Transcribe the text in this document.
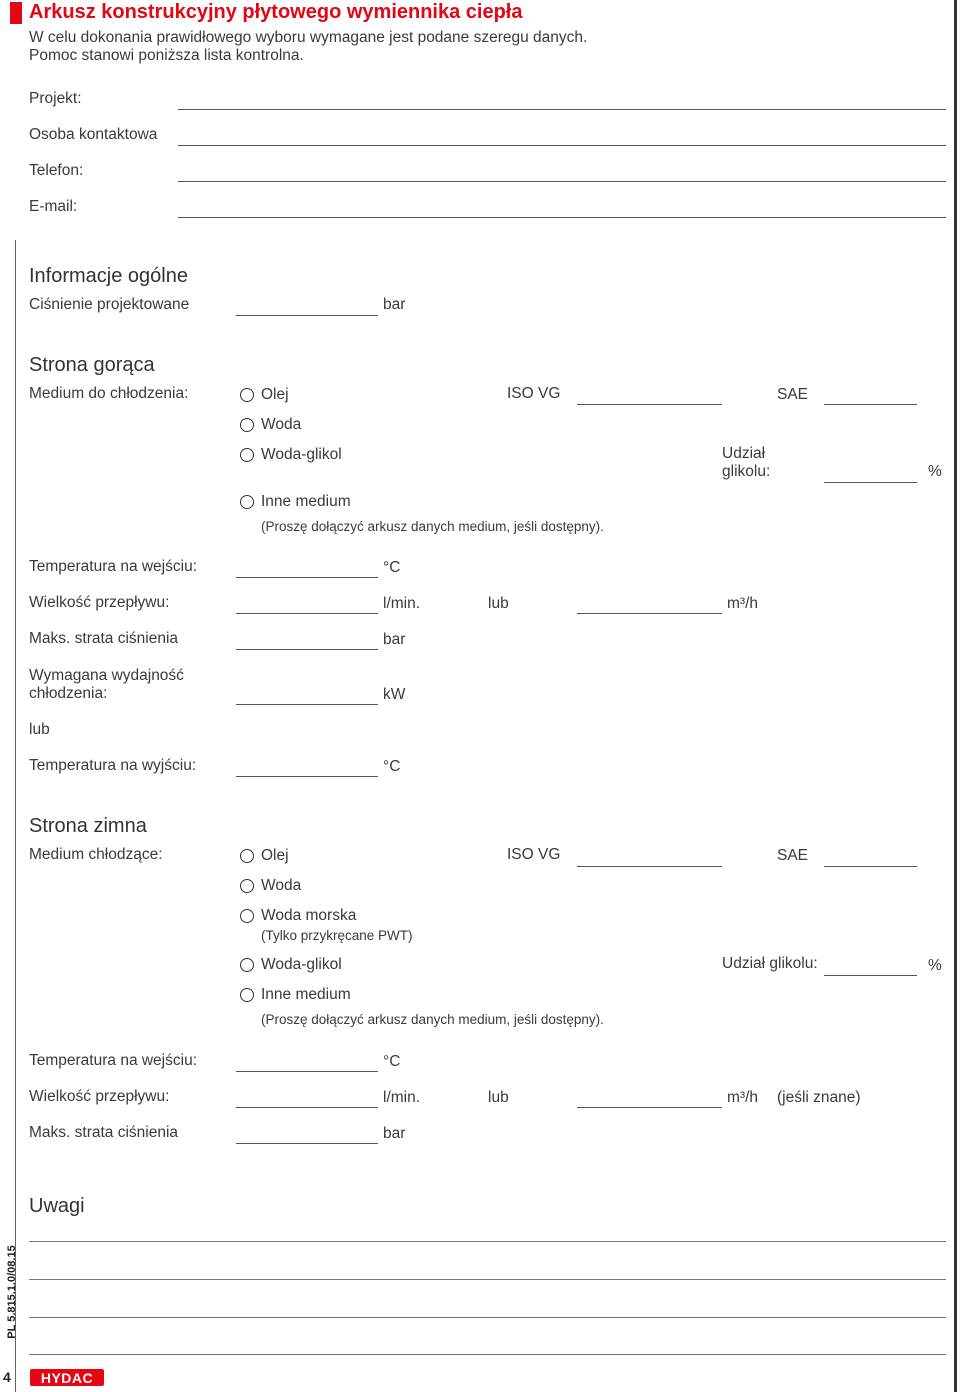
Arkusz konstrukcyjny płytowego wymiennika ciepła
W celu dokonania prawidłowego wyboru wymagane jest podane szeregu danych.
Pomoc stanowi poniższa lista kontrolna.
Projekt:
Osoba kontaktowa
Telefon:
E-mail:
Informacje ogólne
Ciśnienie projektowane	bar
Strona gorąca
Medium do chłodzenia:	Olej	ISO VG	SAE
Woda
Woda-glikol	Udział
glikolu:	%
Inne medium
(Proszę dołączyć arkusz danych medium, jeśli dostępny).
Temperatura na wejściu:	°C
Wielkość przepływu:	l/min.	lub	m³/h
Maks. strata ciśnienia	bar
Wymagana wydajność
chłodzenia:	kW
lub
Temperatura na wyjściu:	°C
Strona zimna
Medium chłodzące:	Olej	ISO VG	SAE
Woda
Woda morska
(Tylko przykręcane PWT)
Woda-glikol	Udział glikolu:	%
Inne medium
(Proszę dołączyć arkusz danych medium, jeśli dostępny).
Temperatura na wejściu:	°C
Wielkość przepływu:	l/min.	lub	m³/h (jeśli znane)
Maks. strata ciśnienia	bar
Uwagi
PL 5.815.1.0/08.15
4 HYDAC
